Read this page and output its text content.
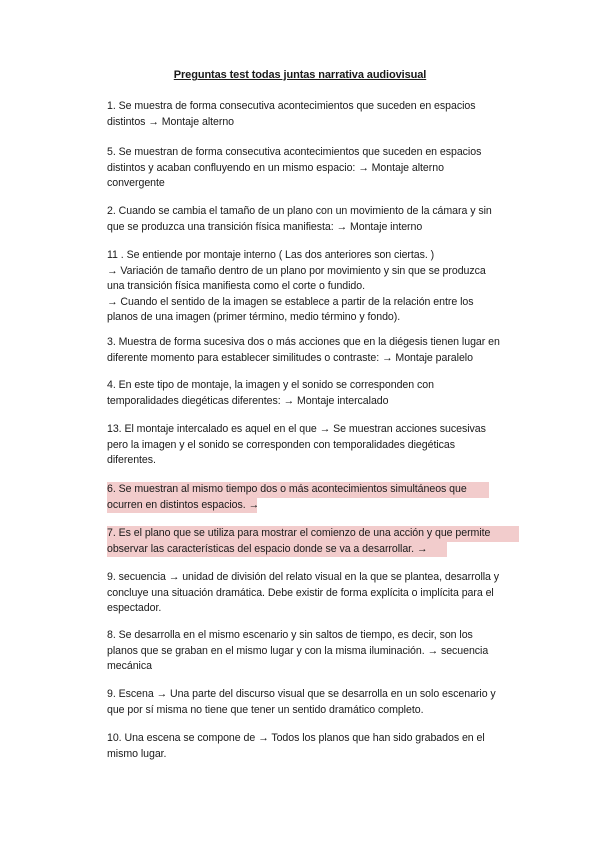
Preguntas test todas juntas narrativa audiovisual
1. Se muestra de forma consecutiva acontecimientos que suceden en espacios
distintos → Montaje alterno
5. Se muestran de forma consecutiva acontecimientos que suceden en espacios
distintos y acaban confluyendo en un mismo espacio: → Montaje alterno
convergente
2. Cuando se cambia el tamaño de un plano con un movimiento de la cámara y sin
que se produzca una transición física manifiesta: → Montaje interno
11 . Se entiende por montaje interno ( Las dos anteriores son ciertas. )
→ Variación de tamaño dentro de un plano por movimiento y sin que se produzca
una transición física manifiesta como el corte o fundido.
→ Cuando el sentido de la imagen se establece a partir de la relación entre los
planos de una imagen (primer término, medio término y fondo).
3. Muestra de forma sucesiva dos o más acciones que en la diégesis tienen lugar en
diferente momento para establecer similitudes o contraste: → Montaje paralelo
4. En este tipo de montaje, la imagen y el sonido se corresponden con
temporalidades diegéticas diferentes: → Montaje intercalado
13. El montaje intercalado es aquel en el que → Se muestran acciones sucesivas
pero la imagen y el sonido se corresponden con temporalidades diegéticas
diferentes.
6. Se muestran al mismo tiempo dos o más acontecimientos simultáneos que
ocurren en distintos espacios. →
7. Es el plano que se utiliza para mostrar el comienzo de una acción y que permite
observar las características del espacio donde se va a desarrollar. →
9. secuencia → unidad de división del relato visual en la que se plantea, desarrolla y
concluye una situación dramática. Debe existir de forma explícita o implícita para el
espectador.
8. Se desarrolla en el mismo escenario y sin saltos de tiempo, es decir, son los
planos que se graban en el mismo lugar y con la misma iluminación. → secuencia
mecánica
9. Escena → Una parte del discurso visual que se desarrolla en un solo escenario y
que por sí misma no tiene que tener un sentido dramático completo.
10. Una escena se compone de → Todos los planos que han sido grabados en el
mismo lugar.
